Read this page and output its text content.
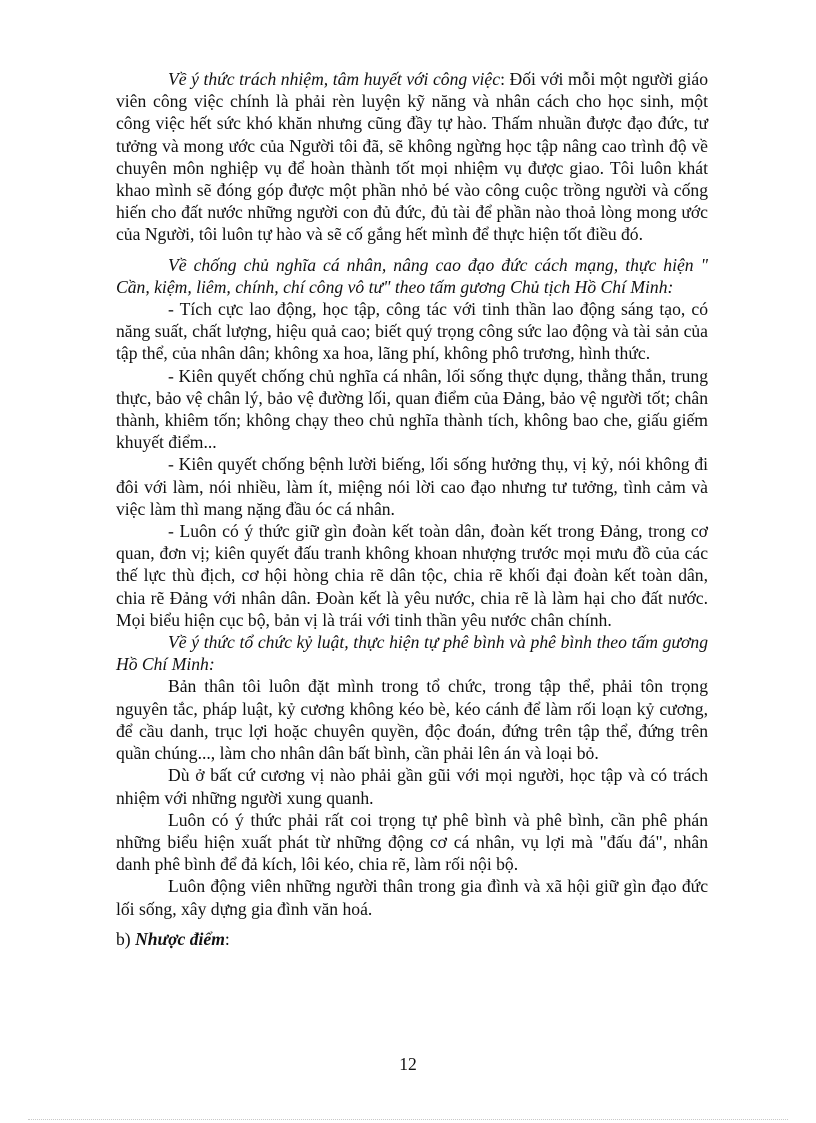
Về ý thức trách nhiệm, tâm huyết với công việc: Đối với mỗi một người giáo viên công việc chính là phải rèn luyện kỹ năng và nhân cách cho học sinh, một công việc hết sức khó khăn nhưng cũng đầy tự hào. Thấm nhuần được đạo đức, tư tưởng và mong ước của Người tôi đã, sẽ không ngừng học tập nâng cao trình độ về chuyên môn nghiệp vụ để hoàn thành tốt mọi nhiệm vụ được giao. Tôi luôn khát khao mình sẽ đóng góp được một phần nhỏ bé vào công cuộc trồng người và cống hiến cho đất nước những người con đủ đức, đủ tài để phần nào thoả lòng mong ước của Người, tôi luôn tự hào và sẽ cố gắng hết mình để thực hiện tốt điều đó.

Về chống chủ nghĩa cá nhân, nâng cao đạo đức cách mạng, thực hiện " Cần, kiệm, liêm, chính, chí công vô tư" theo tấm gương Chủ tịch Hồ Chí Minh:

- Tích cực lao động, học tập, công tác với tinh thần lao động sáng tạo, có năng suất, chất lượng, hiệu quả cao; biết quý trọng công sức lao động và tài sản của tập thể, của nhân dân; không xa hoa, lãng phí, không phô trương, hình thức.

- Kiên quyết chống chủ nghĩa cá nhân, lối sống thực dụng, thẳng thắn, trung thực, bảo vệ chân lý, bảo vệ đường lối, quan điểm của Đảng, bảo vệ người tốt; chân thành, khiêm tốn; không chạy theo chủ nghĩa thành tích, không bao che, giấu giếm khuyết điểm...

- Kiên quyết chống bệnh lười biếng, lối sống hưởng thụ, vị kỷ, nói không đi đôi với làm, nói nhiều, làm ít, miệng nói lời cao đạo nhưng tư tưởng, tình cảm và việc làm thì mang nặng đầu óc cá nhân.

- Luôn có ý thức giữ gìn đoàn kết toàn dân, đoàn kết trong Đảng, trong cơ quan, đơn vị; kiên quyết đấu tranh không khoan nhượng trước mọi mưu đồ của các thế lực thù địch, cơ hội hòng chia rẽ dân tộc, chia rẽ khối đại đoàn kết toàn dân, chia rẽ Đảng với nhân dân. Đoàn kết là yêu nước, chia rẽ là làm hại cho đất nước. Mọi biểu hiện cục bộ, bản vị là trái với tinh thần yêu nước chân chính.

Về ý thức tổ chức kỷ luật, thực hiện tự phê bình và phê bình theo tấm gương Hồ Chí Minh:

Bản thân tôi luôn đặt mình trong tổ chức, trong tập thể, phải tôn trọng nguyên tắc, pháp luật, kỷ cương không kéo bè, kéo cánh để làm rối loạn kỷ cương, để cầu danh, trục lợi hoặc chuyên quyền, độc đoán, đứng trên tập thể, đứng trên quần chúng..., làm cho nhân dân bất bình, cần phải lên án và loại bỏ.

Dù ở bất cứ cương vị nào phải gần gũi với mọi người, học tập và có trách nhiệm với những người xung quanh.

Luôn có ý thức phải rất coi trọng tự phê bình và phê bình, cần phê phán những biểu hiện xuất phát từ những động cơ cá nhân, vụ lợi mà "đấu đá", nhân danh phê bình để đả kích, lôi kéo, chia rẽ, làm rối nội bộ.

Luôn động viên những người thân trong gia đình và xã hội giữ gìn đạo đức lối sống, xây dựng gia đình văn hoá.

b) Nhược điểm:

12
